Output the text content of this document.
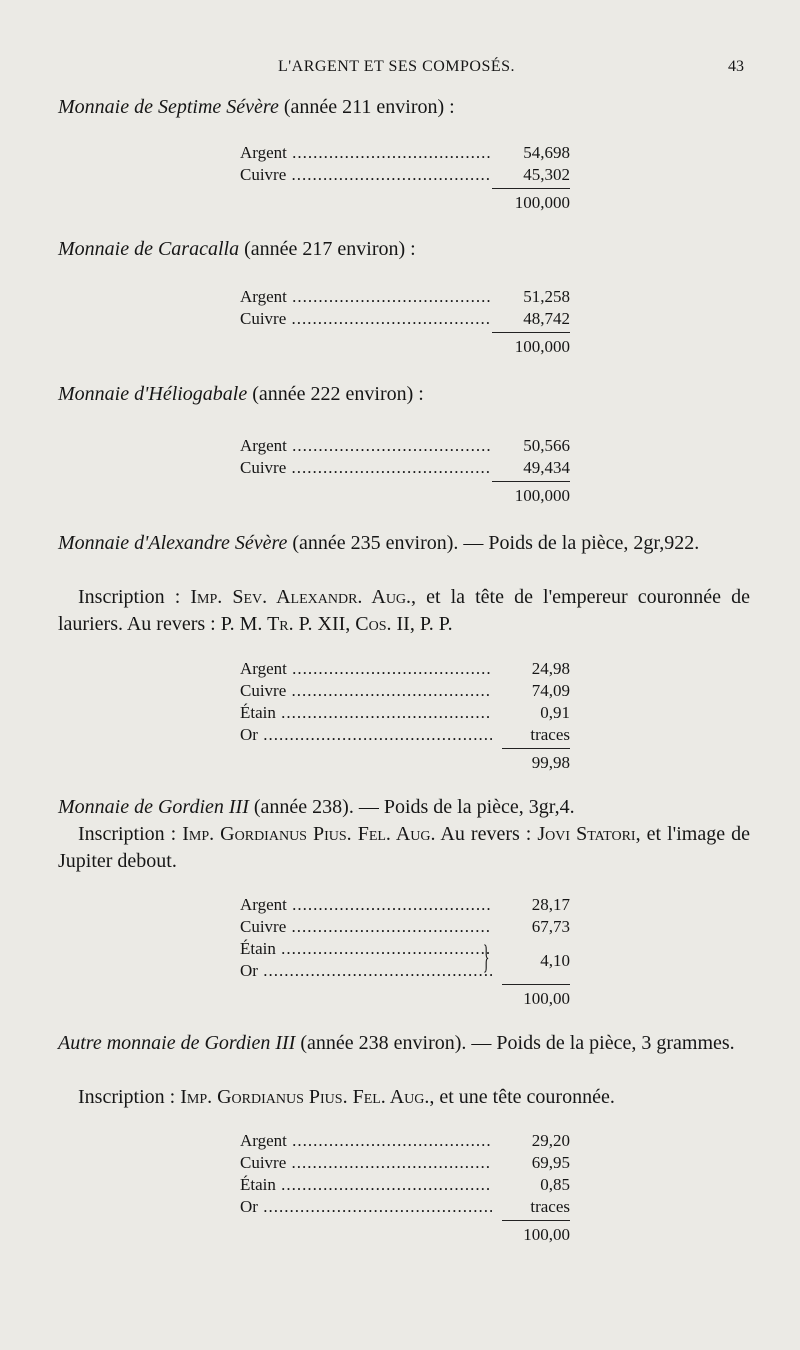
L'ARGENT ET SES COMPOSÉS.	43
Monnaie de Septime Sévère (année 211 environ) :
Argent .....	54,698
Cuivre .....	45,302
100,000
Monnaie de Caracalla (année 217 environ) :
Argent .....	51,258
Cuivre .....	48,742
100,000
Monnaie d'Héliogabale (année 222 environ) :
Argent .....	50,566
Cuivre .....	49,434
100,000
Monnaie d'Alexandre Sévère (année 235 environ). — Poids de la pièce, 2gr,922.
Inscription : Imp. Sev. Alexandr. Aug., et la tête de l'empereur couronnée de lauriers. Au revers : P. M. Tr. P. XII, Cos. II, P. P.
Argent .....	24,98
Cuivre .....	74,09
Étain .....	0,91
Or .....	traces
99,98
Monnaie de Gordien III (année 238). — Poids de la pièce, 3gr,4.
Inscription : Imp. Gordianus Pius. Fel. Aug. Au revers : Jovi Statori, et l'image de Jupiter debout.
Argent .....	28,17
Cuivre .....	67,73
Étain .....
Or .....	}	4,10
100,00
Autre monnaie de Gordien III (année 238 environ). — Poids de la pièce, 3 grammes.
Inscription : Imp. Gordianus Pius. Fel. Aug., et une tête couronnée.
Argent .....	29,20
Cuivre .....	69,95
Étain .....	0,85
Or .....	traces
100,00
